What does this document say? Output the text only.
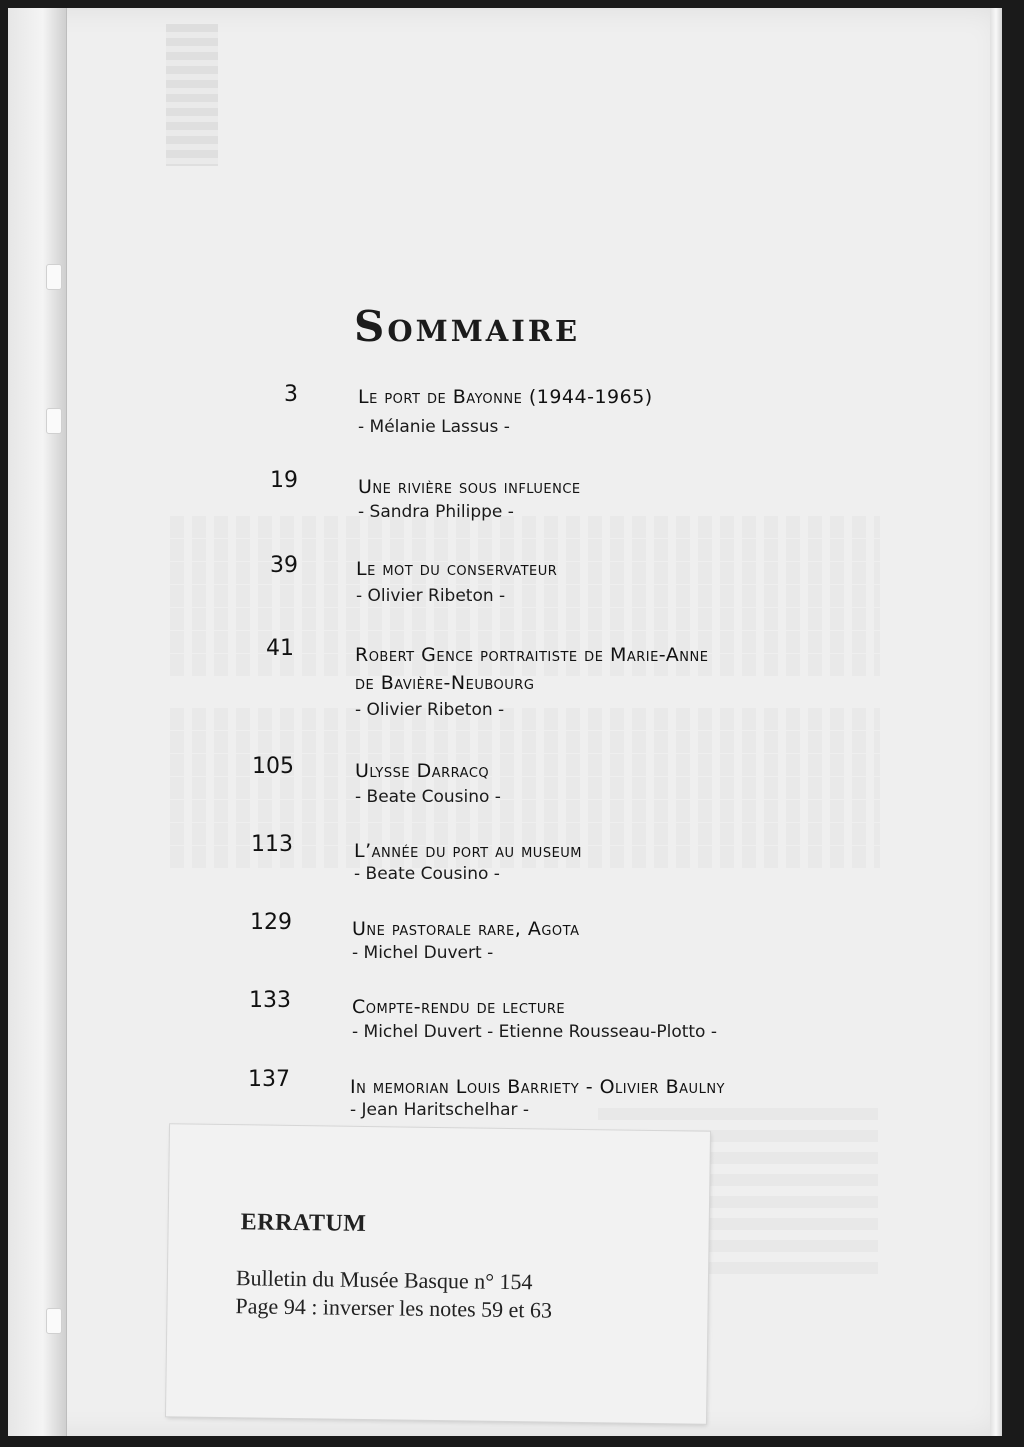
Sommaire
3	Le port de Bayonne (1944-1965)
- Mélanie Lassus -
19	Une rivière sous influence
- Sandra Philippe -
39	Le mot du conservateur
- Olivier Ribeton -
41	Robert Gence portraitiste de Marie-Anne
de Bavière-Neubourg
- Olivier Ribeton -
105	Ulysse Darracq
- Beate Cousino -
113	L’année du port au museum
- Beate Cousino -
129	Une pastorale rare, Agota
- Michel Duvert -
133	Compte-rendu de lecture
- Michel Duvert - Etienne Rousseau-Plotto -
137	In memorian Louis Barriety - Olivier Baulny
- Jean Haritschelhar -
ERRATUM
Bulletin du Musée Basque n° 154
Page 94 : inverser les notes 59 et 63
